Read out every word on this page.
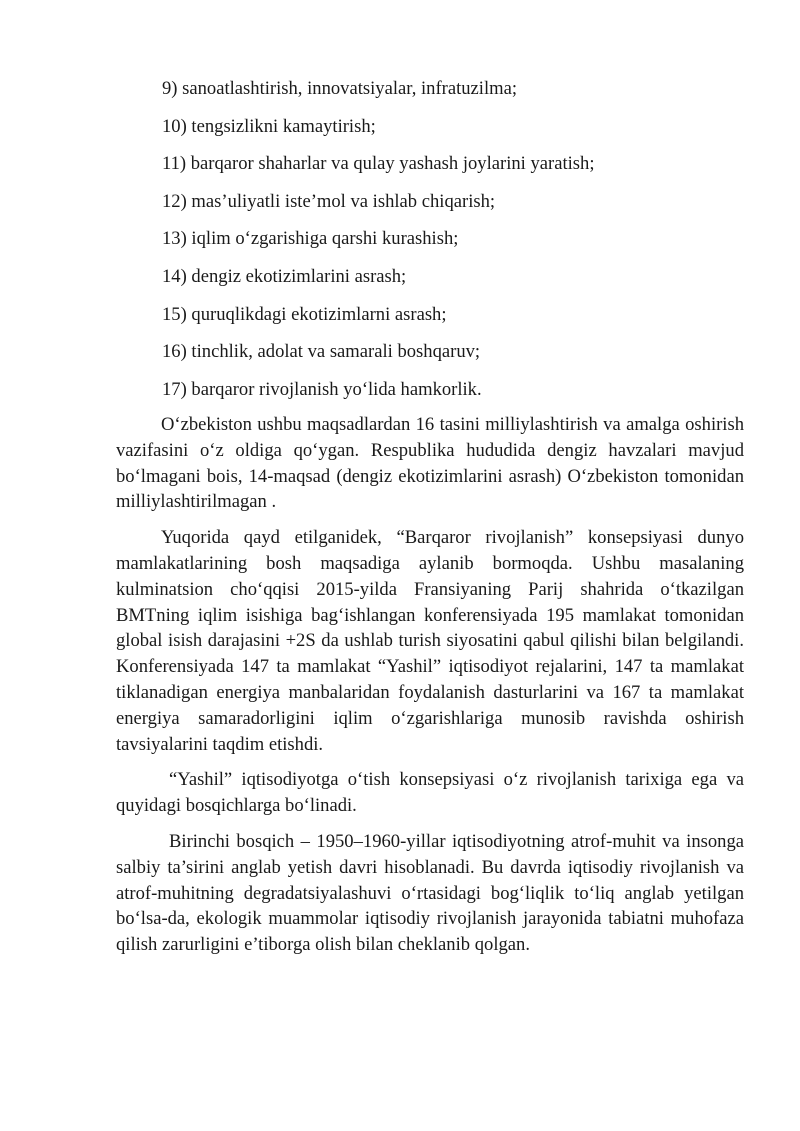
9) sanoatlashtirish, innovatsiyalar, infratuzilma;
10) tengsizlikni kamaytirish;
11) barqaror shaharlar va qulay yashash joylarini yaratish;
12) mas’uliyatli iste’mol va ishlab chiqarish;
13) iqlim o‘zgarishiga qarshi kurashish;
14) dengiz ekotizimlarini asrash;
15) quruqlikdagi ekotizimlarni asrash;
16) tinchlik, adolat va samarali boshqaruv;
17) barqaror rivojlanish yo‘lida hamkorlik.

O‘zbekiston ushbu maqsadlardan 16 tasini milliylashtirish va amalga oshirish vazifasini o‘z oldiga qo‘ygan. Respublika hududida dengiz havzalari mavjud bo‘lmagani bois, 14-maqsad (dengiz ekotizimlarini asrash) O‘zbekiston tomonidan milliylashtirilmagan .

Yuqorida qayd etilganidek, “Barqaror rivojlanish” konsepsiyasi dunyo mamlakatlarining bosh maqsadiga aylanib bormoqda. Ushbu masalaning kulminatsion cho‘qqisi 2015-yilda Fransiyaning Parij shahrida o‘tkazilgan BMTning iqlim isishiga bag‘ishlangan konferensiyada 195 mamlakat tomonidan global isish darajasini +2S da ushlab turish siyosatini qabul qilishi bilan belgilandi. Konferensiyada 147 ta mamlakat “Yashil” iqtisodiyot rejalarini, 147 ta mamlakat tiklanadigan energiya manbalaridan foydalanish dasturlarini va 167 ta mamlakat energiya samaradorligini iqlim o‘zgarishlariga munosib ravishda oshirish tavsiyalarini taqdim etishdi.

“Yashil” iqtisodiyotga o‘tish konsepsiyasi o‘z rivojlanish tarixiga ega va quyidagi bosqichlarga bo‘linadi.

Birinchi bosqich – 1950–1960-yillar iqtisodiyotning atrof-muhit va insonga salbiy ta’sirini anglab yetish davri hisoblanadi. Bu davrda iqtisodiy rivojlanish va atrof-muhitning degradatsiyalashuvi o‘rtasidagi bog‘liqlik to‘liq anglab yetilgan bo‘lsa-da, ekologik muammolar iqtisodiy rivojlanish jarayonida tabiatni muhofaza qilish zarurligini e’tiborga olish bilan cheklanib qolgan.
